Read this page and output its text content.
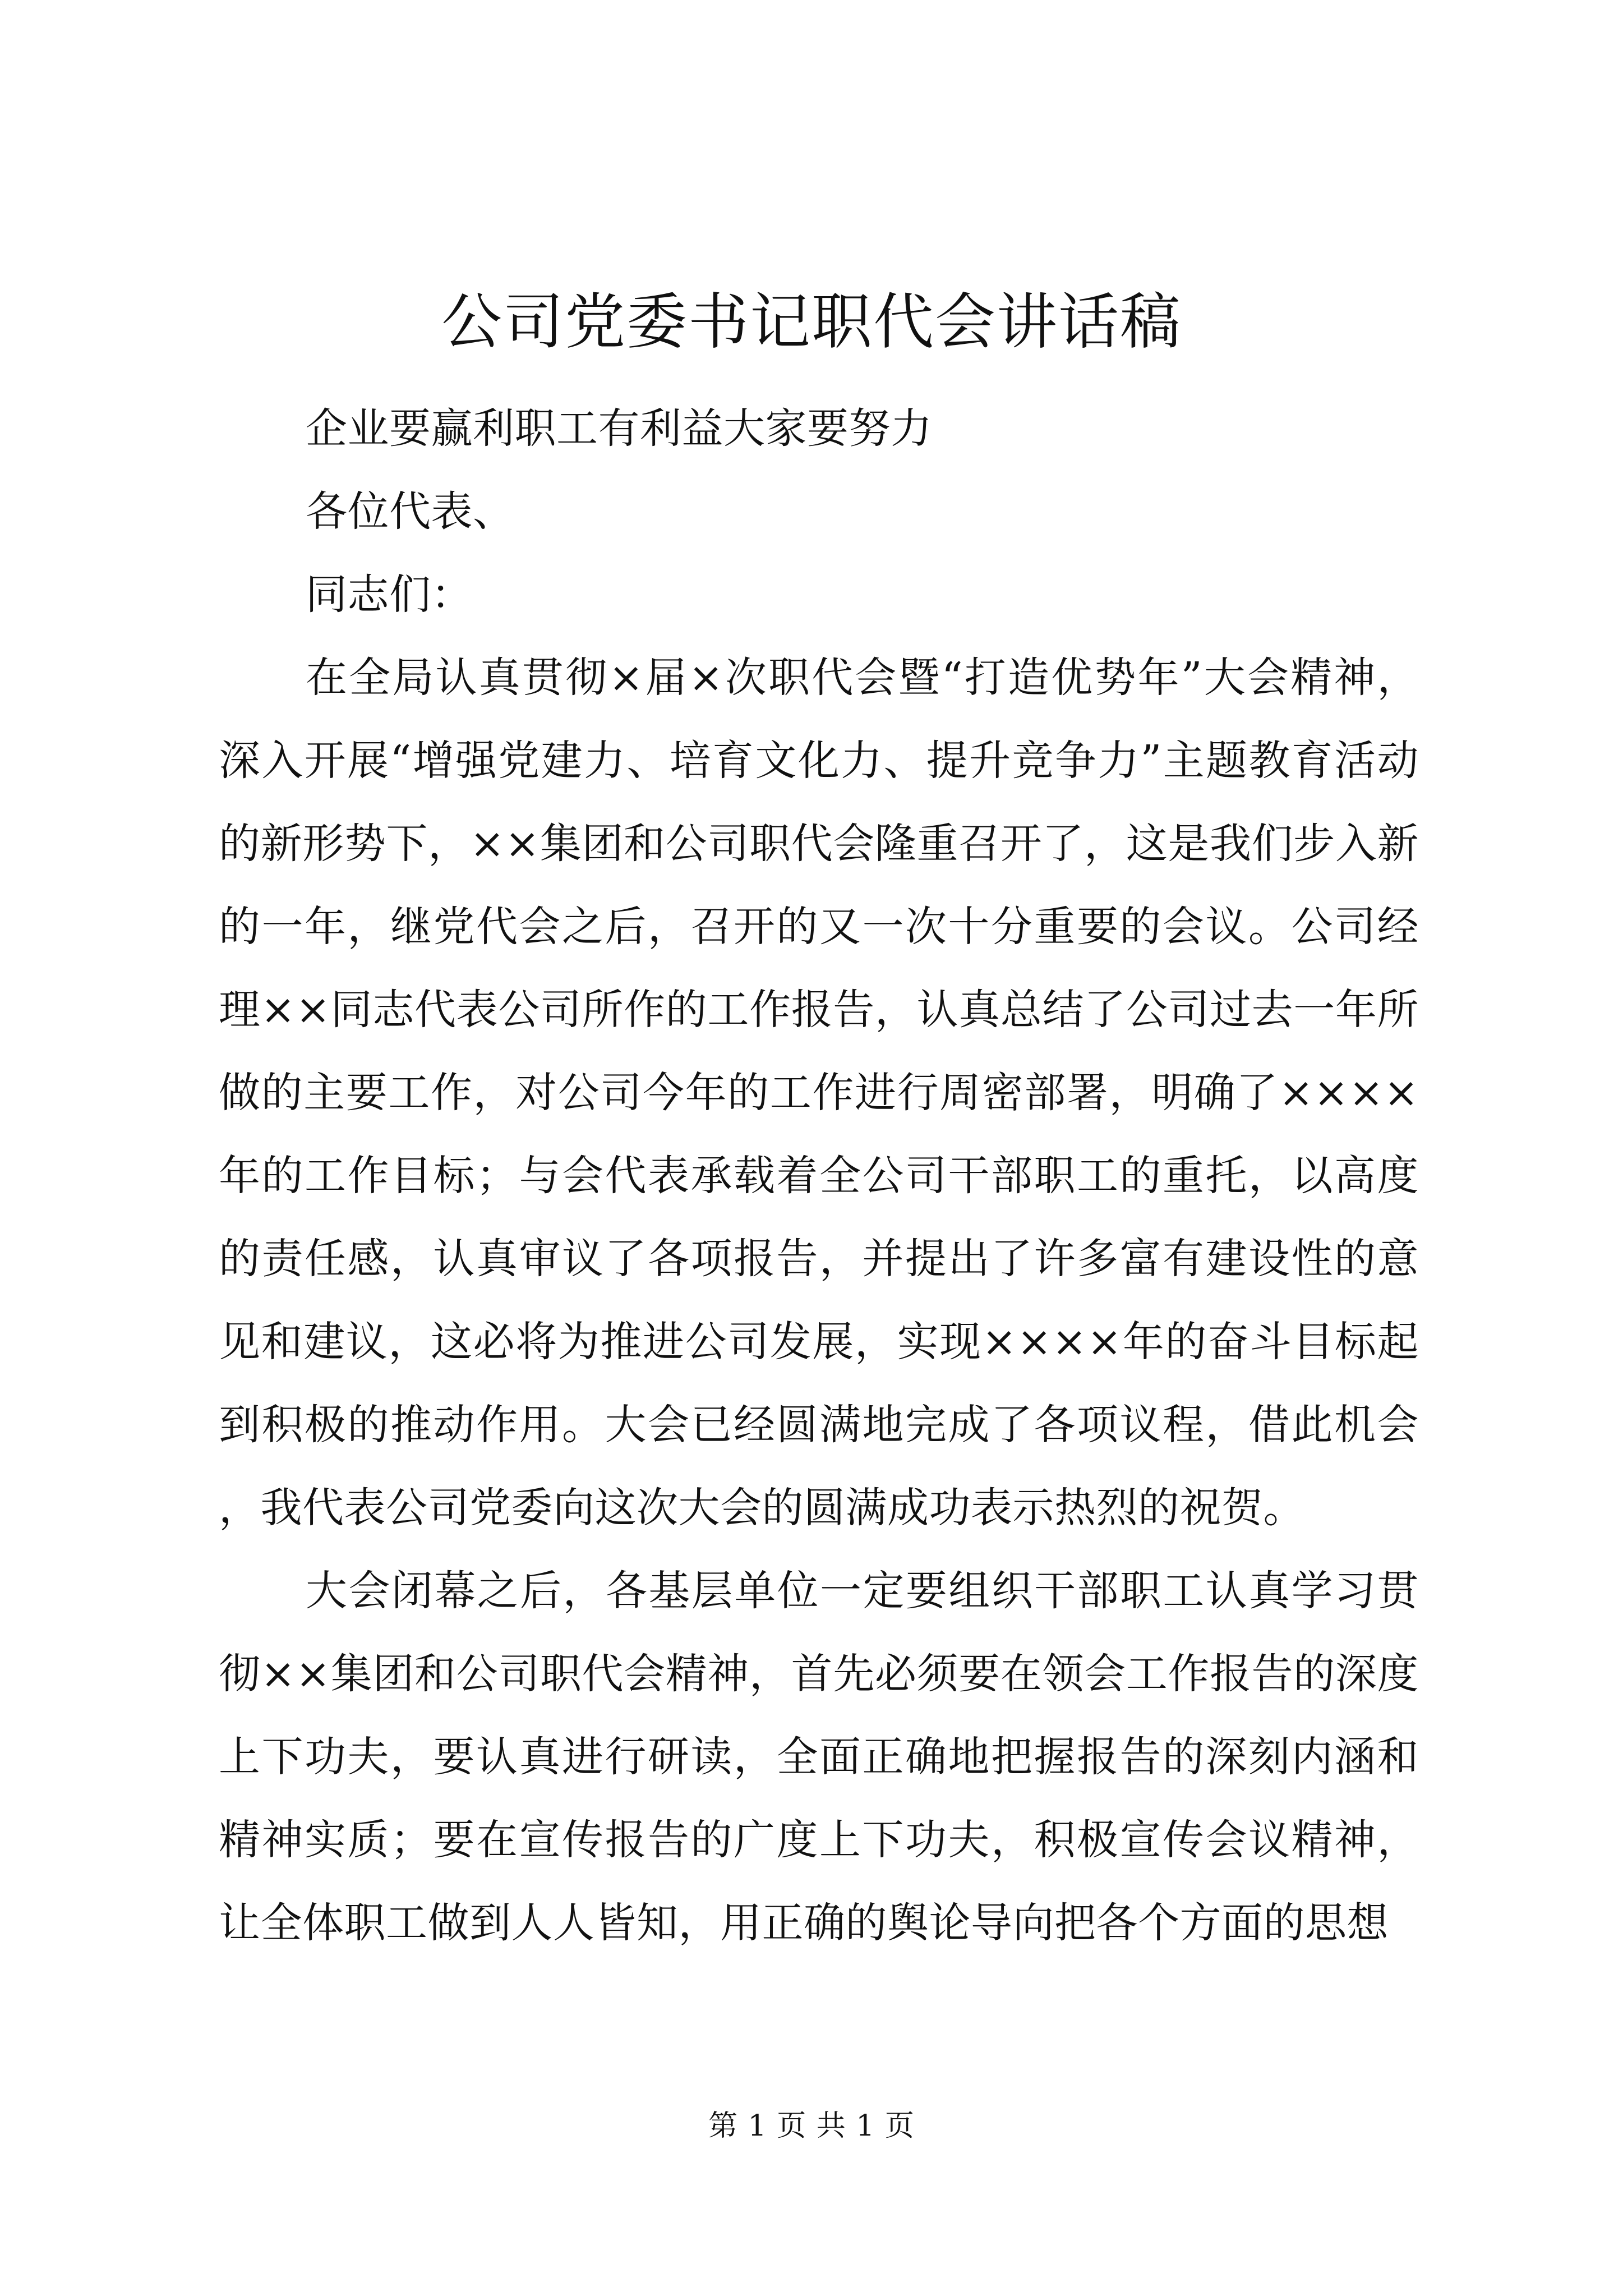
公司党委书记职代会讲话稿

企业要赢利职工有利益大家要努力

各位代表、

同志们：

在全局认真贯彻×届×次职代会暨“打造优势年”大会精神，深入开展“增强党建力、培育文化力、提升竞争力”主题教育活动的新形势下，××集团和公司职代会隆重召开了，这是我们步入新的一年，继党代会之后，召开的又一次十分重要的会议。公司经理××同志代表公司所作的工作报告，认真总结了公司过去一年所做的主要工作，对公司今年的工作进行周密部署，明确了××××年的工作目标；与会代表承载着全公司干部职工的重托，以高度的责任感，认真审议了各项报告，并提出了许多富有建设性的意见和建议，这必将为推进公司发展，实现××××年的奋斗目标起到积极的推动作用。大会已经圆满地完成了各项议程，借此机会，我代表公司党委向这次大会的圆满成功表示热烈的祝贺。

大会闭幕之后，各基层单位一定要组织干部职工认真学习贯彻××集团和公司职代会精神，首先必须要在领会工作报告的深度上下功夫，要认真进行研读，全面正确地把握报告的深刻内涵和精神实质；要在宣传报告的广度上下功夫，积极宣传会议精神，让全体职工做到人人皆知，用正确的舆论导向把各个方面的思想

第 1 页 共 1 页
